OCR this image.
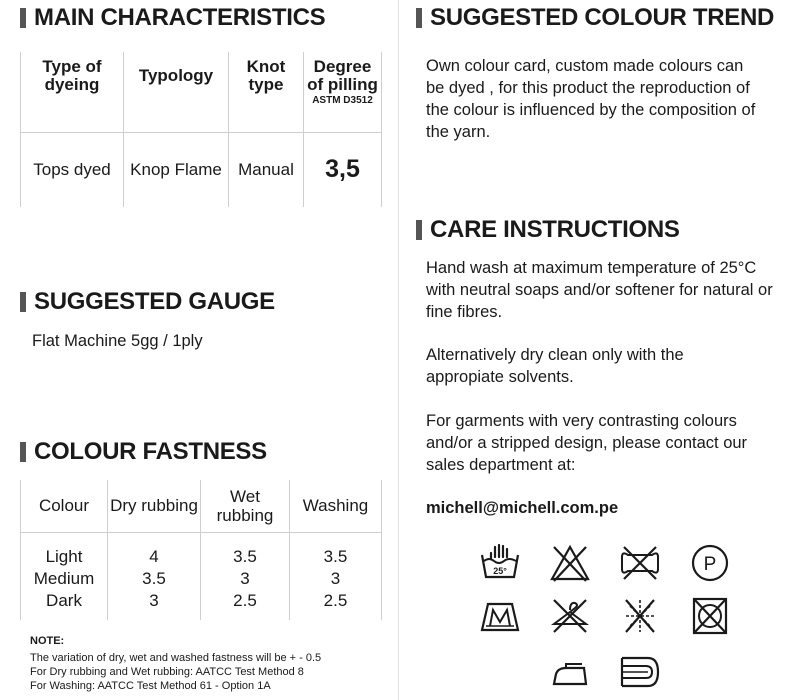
MAIN CHARACTERISTICS
Type of dyeing	Typology	Knot type	Degree of pilling
ASTM D3512

Tops dyed	Knop Flame	Manual	3,5
SUGGESTED GAUGE
Flat Machine 5gg / 1ply
COLOUR FASTNESS
Colour	Dry rubbing	Wet rubbing	Washing

Light	4	3.5	3.5
Medium	3.5	3	3
Dark	3	2.5	2.5

NOTE:
The variation of dry, wet and washed fastness will be + - 0.5
For Dry rubbing and Wet rubbing: AATCC Test Method 8
For Washing: AATCC Test Method 61 - Option 1A
SUGGESTED COLOUR TREND
Own colour card, custom made colours can be dyed , for this product the reproduction of the colour is influenced by the composition of the yarn.
CARE INSTRUCTIONS
Hand wash at maximum temperature of 25°C with neutral soaps and/or softener for natural or fine fibres.
Alternatively dry clean only with the appropiate solvents.
For garments with very contrasting colours and/or a stripped design, please contact our sales department at:
michell@michell.com.pe
25°	P
